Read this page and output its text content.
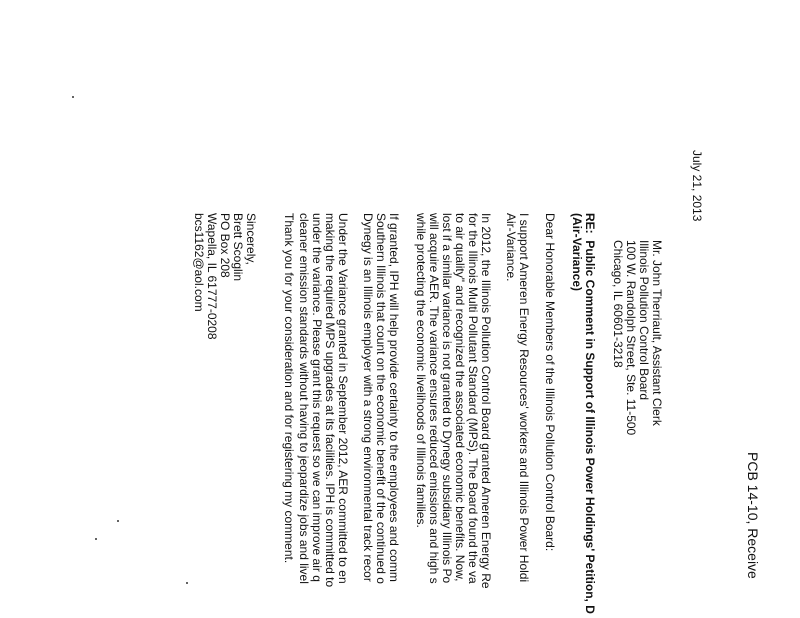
PCB 14-10, Receive
July 21, 2013
Mr. John Therriault, Assistant Clerk
Illinois Pollution Control Board
100 W. Randolph Street, Ste. 11-500
Chicago, IL 60601-3218
RE:  Public Comment in Support of Illinois Power Holdings' Petition, D
(Air-Variance)
Dear Honorable Members of the Illinois Pollution Control Board:
I support Ameren Energy Resources' workers and Illinois Power Holdi
Air-Variance.
In 2012, the Illinois Pollution Control Board granted Ameren Energy Re
for the Illinois Multi Pollutant Standard (MPS). The Board found the va
to air quality" and recognized the associated economic benefits. Now,
lost if a similar variance is not granted to Dynegy subsidiary Illinois Po
will acquire AER. The variance ensures reduced emissions and high s
while protecting the economic livelihoods of Illinois families.
If granted, IPH will help provide certainty to the employees and comm
Southern Illinois that count on the economic benefit of the continued o
Dynegy is an Illinois employer with a strong environmental track recor
Under the Variance granted in September 2012, AER committed to en
making the required MPS upgrades at its facilities. IPH is committed to
under the variance. Please grant this request so we can improve air q
cleaner emission standards without having to jeopardize jobs and livel
Thank you for your consideration and for registering my comment.
Sincerely,
Brett Scoglin
PO Box 208
Wapella, IL 61777-0208
bcs1162@aol.com
